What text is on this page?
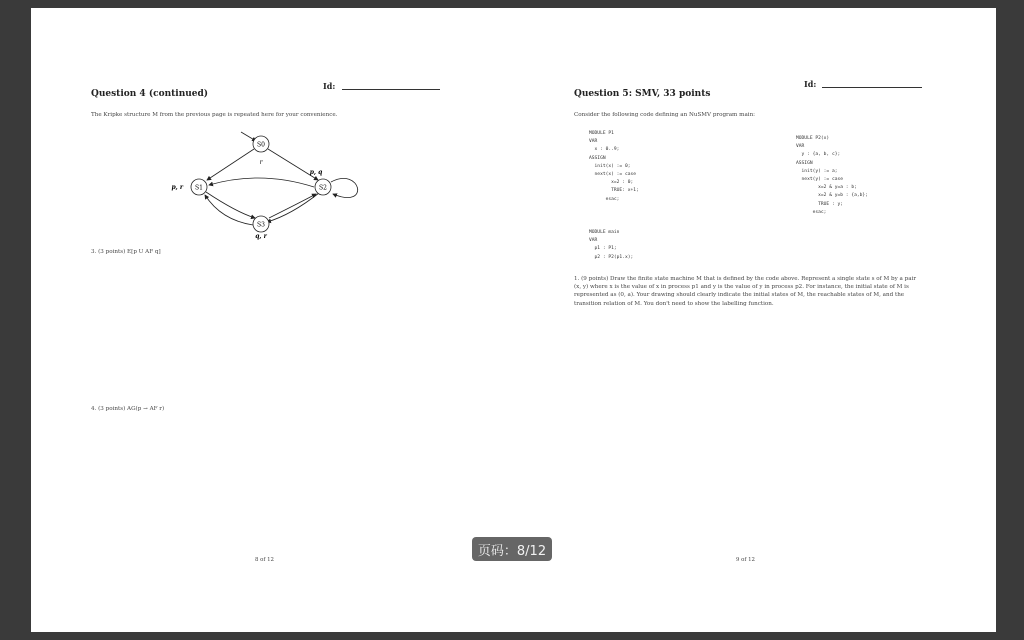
Id:
Question 4 (continued)
The Kripke structure M from the previous page is repeated here for your convenience.
S0
r
S1
p, r	S2
p, q
S3
q, r
3. (3 points) E[p U AF q]
4. (3 points) AG(p → AF r)
8 of 12
Id:
Question 5: SMV, 33 points
Consider the following code defining an NuSMV program main:
MODULE P1
VAR
x : 0..9;
ASSIGN
init(x) := 0;
next(x) := case
x=2 : 0;
TRUE: x+1;
esac;
MODULE P2(x)
VAR
y : {a, b, c};
ASSIGN
init(y) := a;
next(y) := case
x=2 & y=a : b;
x=2 & y=b : {a,b};
TRUE : y;
esac;
MODULE main
VAR
p1 : P1;
p2 : P2(p1.x);
1. (9 points) Draw the finite state machine M that is defined by the code above. Represent a single state s of M by a pair (x, y) where x is the value of x in process p1 and y is the value of y in process p2. For instance, the initial state of M is represented as (0, a). Your drawing should clearly indicate the initial states of M, the reachable states of M, and the transition relation of M. You don't need to show the labelling function.
9 of 12
页码：8/12
